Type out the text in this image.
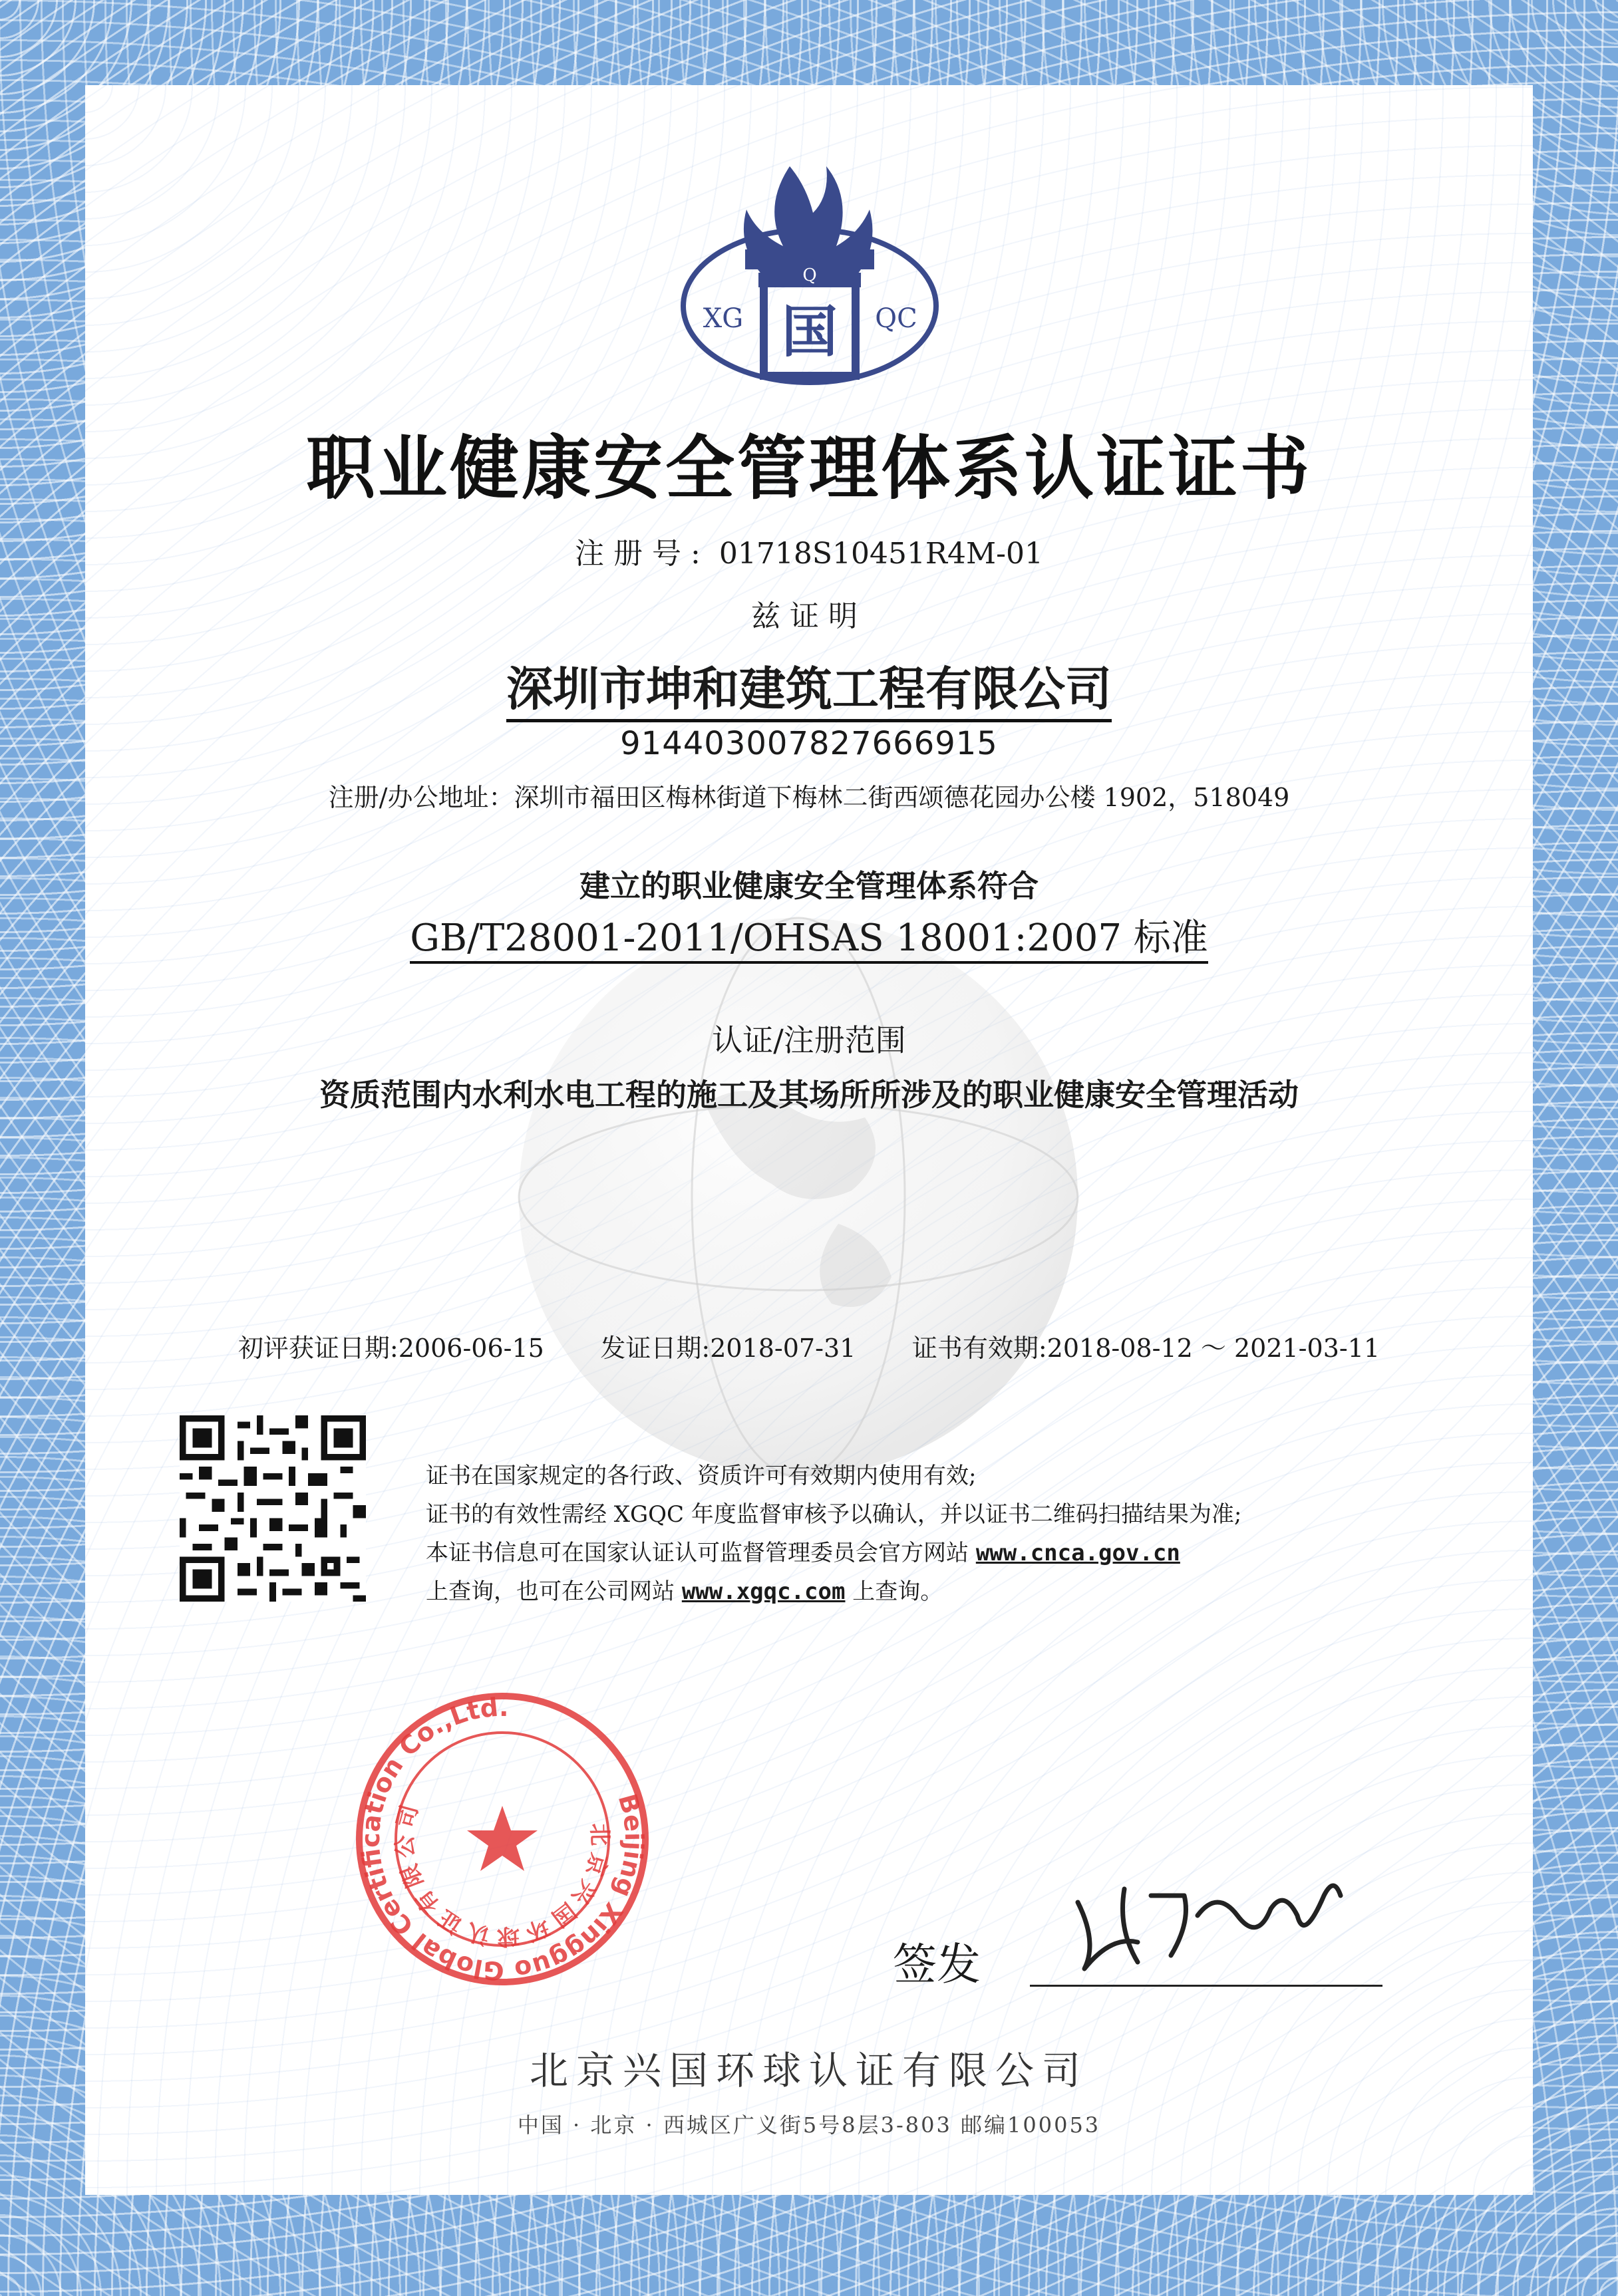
Q
国
XG	QC
职业健康安全管理体系认证证书
注册号: 01718S10451R4M-01
兹证明
深圳市坤和建筑工程有限公司
914403007827666915
注册/办公地址：深圳市福田区梅林街道下梅林二街西颂德花园办公楼 1902，518049
建立的职业健康安全管理体系符合
GB/T28001-2011/OHSAS 18001:2007 标准
认证/注册范围
资质范围内水利水电工程的施工及其场所所涉及的职业健康安全管理活动
初评获证日期:2006-06-15 发证日期:2018-07-31 证书有效期:2018-08-12 ～ 2021-03-11
证书在国家规定的各行政、资质许可有效期内使用有效;
证书的有效性需经 XGQC 年度监督审核予以确认，并以证书二维码扫描结果为准;
本证书信息可在国家认证认可监督管理委员会官方网站 www.cnca.gov.cn
上查询，也可在公司网站 www.xgqc.com 上查询。
Beijing Xingguo Global Certification Co.,Ltd.
北京兴国环球认证有限公司
签发
北京兴国环球认证有限公司
中国 · 北京 · 西城区广义街5号8层3-803 邮编100053
